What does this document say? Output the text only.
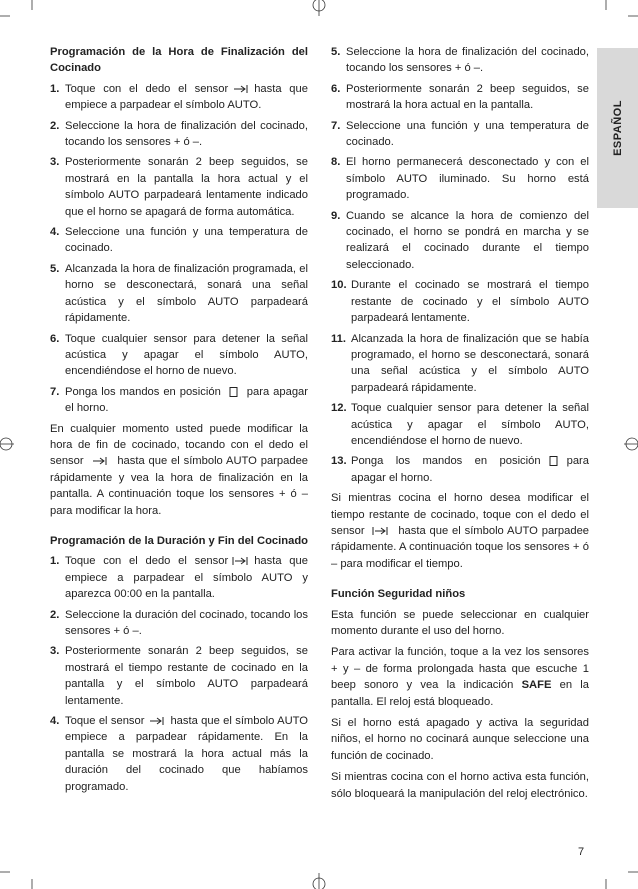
ESPAÑOL
Programación de la Hora de Finalización del Cocinado
1. Toque con el dedo el sensor hasta que empiece a parpadear el símbolo AUTO.
2. Seleccione la hora de finalización del cocinado, tocando los sensores + ó –.
3. Posteriormente sonarán 2 beep seguidos, se mostrará en la pantalla la hora actual y el símbolo AUTO parpadeará lentamente indicado que el horno se apagará de forma automática.
4. Seleccione una función y una temperatura de cocinado.
5. Alcanzada la hora de finalización programada, el horno se desconectará, sonará una señal acústica y el símbolo AUTO parpadeará rápidamente.
6. Toque cualquier sensor para detener la señal acústica y apagar el símbolo AUTO, encendiéndose el horno de nuevo.
7. Ponga los mandos en posición para apagar el horno.
En cualquier momento usted puede modificar la hora de fin de cocinado, tocando con el dedo el sensor	hasta que el símbolo AUTO parpadee rápidamente y vea la hora de finalización en la pantalla. A continuación toque los sensores + ó – para modificar la hora.
Programación de la Duración y Fin del Cocinado
1. Toque con el dedo el sensor hasta que empiece a parpadear el símbolo AUTO y aparezca 00:00 en la pantalla.
2. Seleccione la duración del cocinado, tocando los sensores + ó –.
3. Posteriormente sonarán 2 beep seguidos, se mostrará el tiempo restante de cocinado en la pantalla y el símbolo AUTO parpadeará lentamente.
4. Toque el sensor hasta que el símbolo AUTO empiece a parpadear rápidamente. En la pantalla se mostrará la hora actual más la duración del cocinado que habíamos programado.
5. Seleccione la hora de finalización del cocinado, tocando los sensores + ó –.
6. Posteriormente sonarán 2 beep seguidos, se mostrará la hora actual en la pantalla.
7. Seleccione una función y una temperatura de cocinado.
8. El horno permanecerá desconectado y con el símbolo AUTO iluminado. Su horno está programado.
9. Cuando se alcance la hora de comienzo del cocinado, el horno se pondrá en marcha y se realizará el cocinado durante el tiempo seleccionado.
10. Durante el cocinado se mostrará el tiempo restante de cocinado y el símbolo AUTO parpadeará lentamente.
11. Alcanzada la hora de finalización que se había programado, el horno se desconectará, sonará una señal acústica y el símbolo AUTO parpadeará rápidamente.
12. Toque cualquier sensor para detener la señal acústica y apagar el símbolo AUTO, encendiéndose el horno de nuevo.
13. Ponga los mandos en posición para apagar el horno.
Si mientras cocina el horno desea modificar el tiempo restante de cocinado, toque con el dedo el sensor	hasta que el símbolo AUTO parpadee rápidamente. A continuación toque los sensores + ó – para modificar el tiempo.
Función Seguridad niños
Esta función se puede seleccionar en cualquier momento durante el uso del horno.
Para activar la función, toque a la vez los sensores + y – de forma prolongada hasta que escuche 1 beep sonoro y vea la indicación SAFE en la pantalla. El reloj está bloqueado.
Si el horno está apagado y activa la seguridad niños, el horno no cocinará aunque seleccione una función de cocinado.
Si mientras cocina con el horno activa esta función, sólo bloqueará la manipulación del reloj electrónico.
7
